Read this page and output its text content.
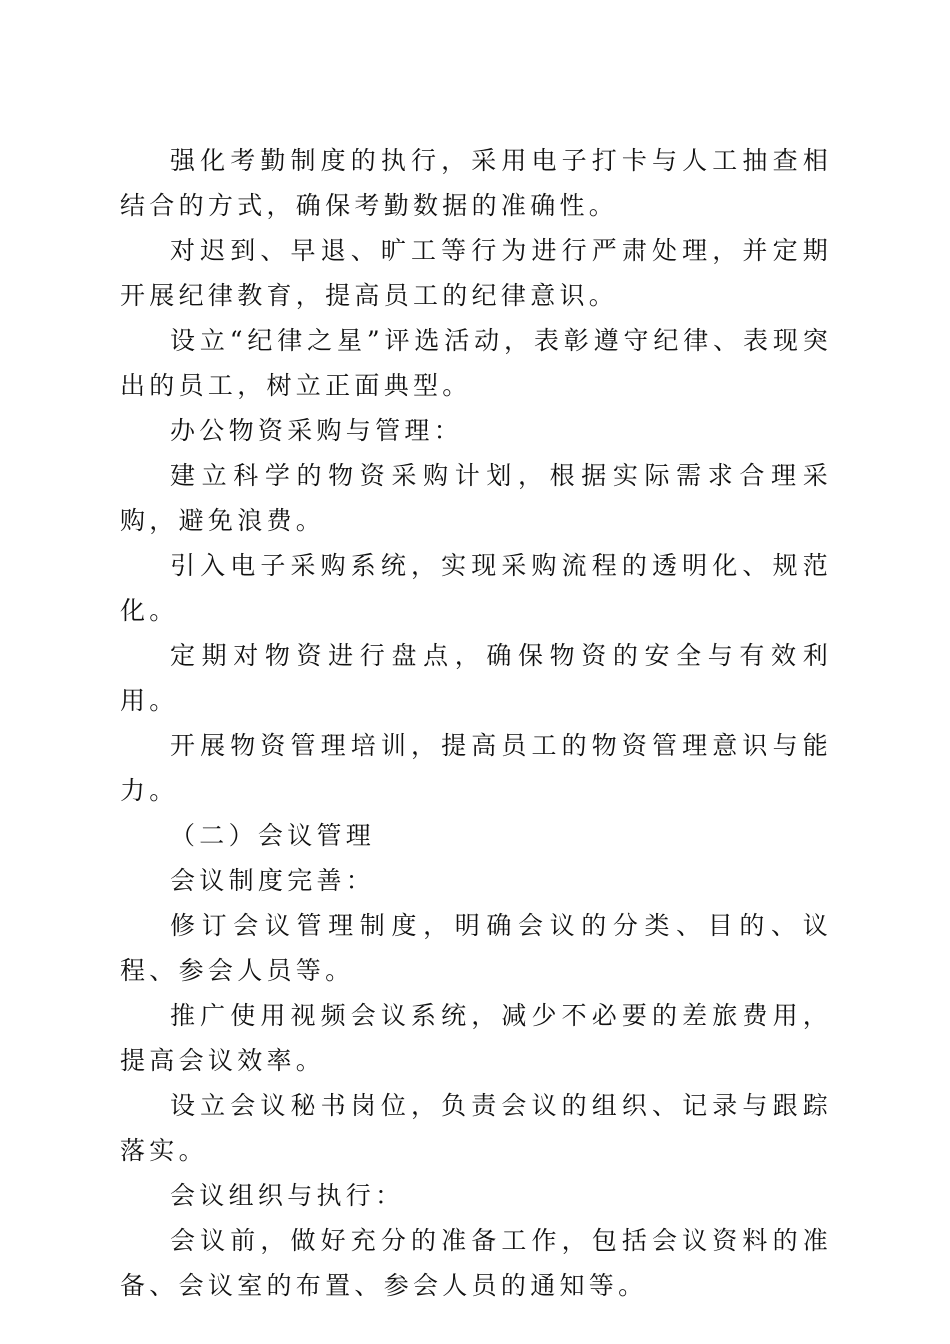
强化考勤制度的执行，采用电子打卡与人工抽查相结合的方式，确保考勤数据的准确性。

对迟到、早退、旷工等行为进行严肃处理，并定期开展纪律教育，提高员工的纪律意识。

设立“纪律之星”评选活动，表彰遵守纪律、表现突出的员工，树立正面典型。

办公物资采购与管理：

建立科学的物资采购计划，根据实际需求合理采购，避免浪费。

引入电子采购系统，实现采购流程的透明化、规范化。

定期对物资进行盘点，确保物资的安全与有效利用。

开展物资管理培训，提高员工的物资管理意识与能力。

（二）会议管理

会议制度完善：

修订会议管理制度，明确会议的分类、目的、议程、参会人员等。

推广使用视频会议系统，减少不必要的差旅费用，提高会议效率。

设立会议秘书岗位，负责会议的组织、记录与跟踪落实。

会议组织与执行：

会议前，做好充分的准备工作，包括会议资料的准备、会议室的布置、参会人员的通知等。
